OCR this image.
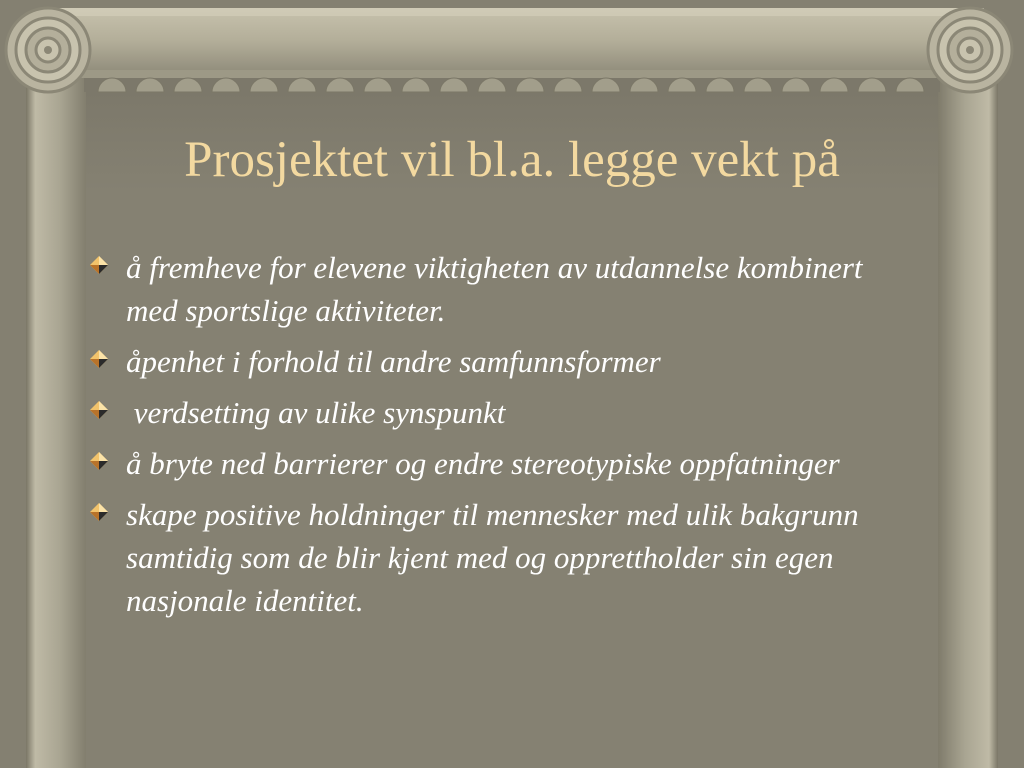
Prosjektet vil bl.a. legge vekt på
å fremheve for elevene viktigheten av utdannelse kombinert med sportslige aktiviteter.
åpenhet i forhold til andre samfunnsformer
verdsetting av ulike synspunkt
å bryte ned barrierer og endre stereotypiske oppfatninger
skape positive holdninger til mennesker med ulik bakgrunn samtidig som de blir kjent med og opprettholder sin egen nasjonale identitet.
